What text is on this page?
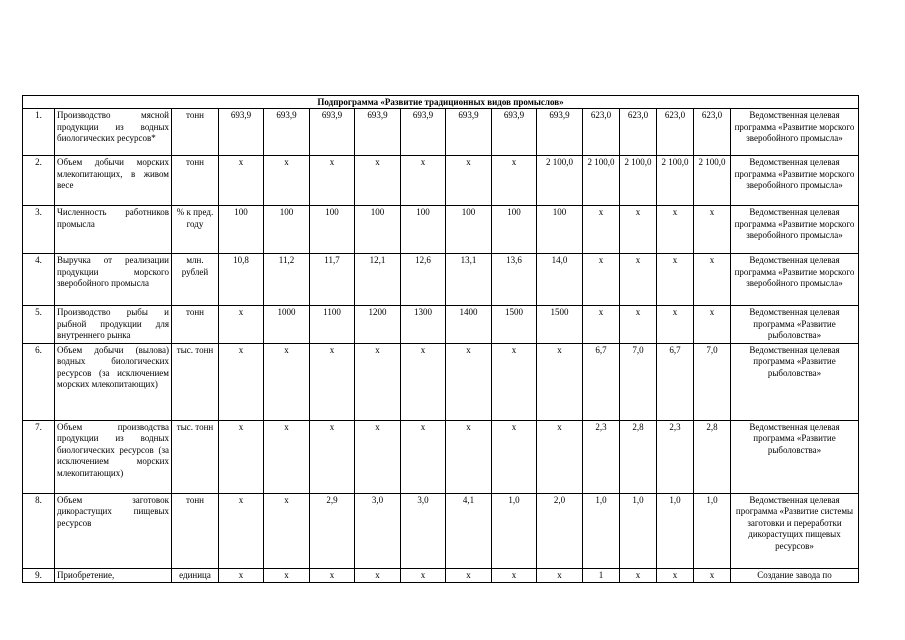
Подпрограмма «Развитие традиционных видов промыслов»															
1.	Производство мясной продукции из водных биологических ресурсов*	тонн	693,9	693,9	693,9	693,9	693,9	693,9	693,9	693,9	623,0	623,0	623,0	623,0	Ведомственная целевая программа «Развитие морского зверобойного промысла»
2.	Объем добычи морских млекопитающих, в живом весе	тонн	x	x	x	x	x	x	x	2 100,0	2 100,0	2 100,0	2 100,0	2 100,0	Ведомственная целевая программа «Развитие морского зверобойного промысла»
3.	Численность работников промысла	% к пред. году	100	100	100	100	100	100	100	100	x	x	x	x	Ведомственная целевая программа «Развитие морского зверобойного промысла»
4.	Выручка от реализации продукции морского зверобойного промысла	млн. рублей	10,8	11,2	11,7	12,1	12,6	13,1	13,6	14,0	x	x	x	x	Ведомственная целевая программа «Развитие морского зверобойного промысла»
5.	Производство рыбы и рыбной продукции для внутреннего рынка	тонн	x	1000	1100	1200	1300	1400	1500	1500	x	x	x	x	Ведомственная целевая программа «Развитие рыболовства»
6.	Объем добычи (вылова) водных биологических ресурсов (за исключением морских млекопитающих)	тыс. тонн	x	x	x	x	x	x	x	x	6,7	7,0	6,7	7,0	Ведомственная целевая программа «Развитие рыболовства»
7.	Объем производства продукции из водных биологических ресурсов (за исключением морских млекопитающих)	тыс. тонн	x	x	x	x	x	x	x	x	2,3	2,8	2,3	2,8	Ведомственная целевая программа «Развитие рыболовства»
8.	Объем заготовок дикорастущих пищевых ресурсов	тонн	x	x	2,9	3,0	3,0	4,1	1,0	2,0	1,0	1,0	1,0	1,0	Ведомственная целевая программа «Развитие системы заготовки и переработки дикорастущих пищевых ресурсов»
9.	Приобретение,	единица	x	x	x	x	x	x	x	x	1	x	x	x	Создание завода по
